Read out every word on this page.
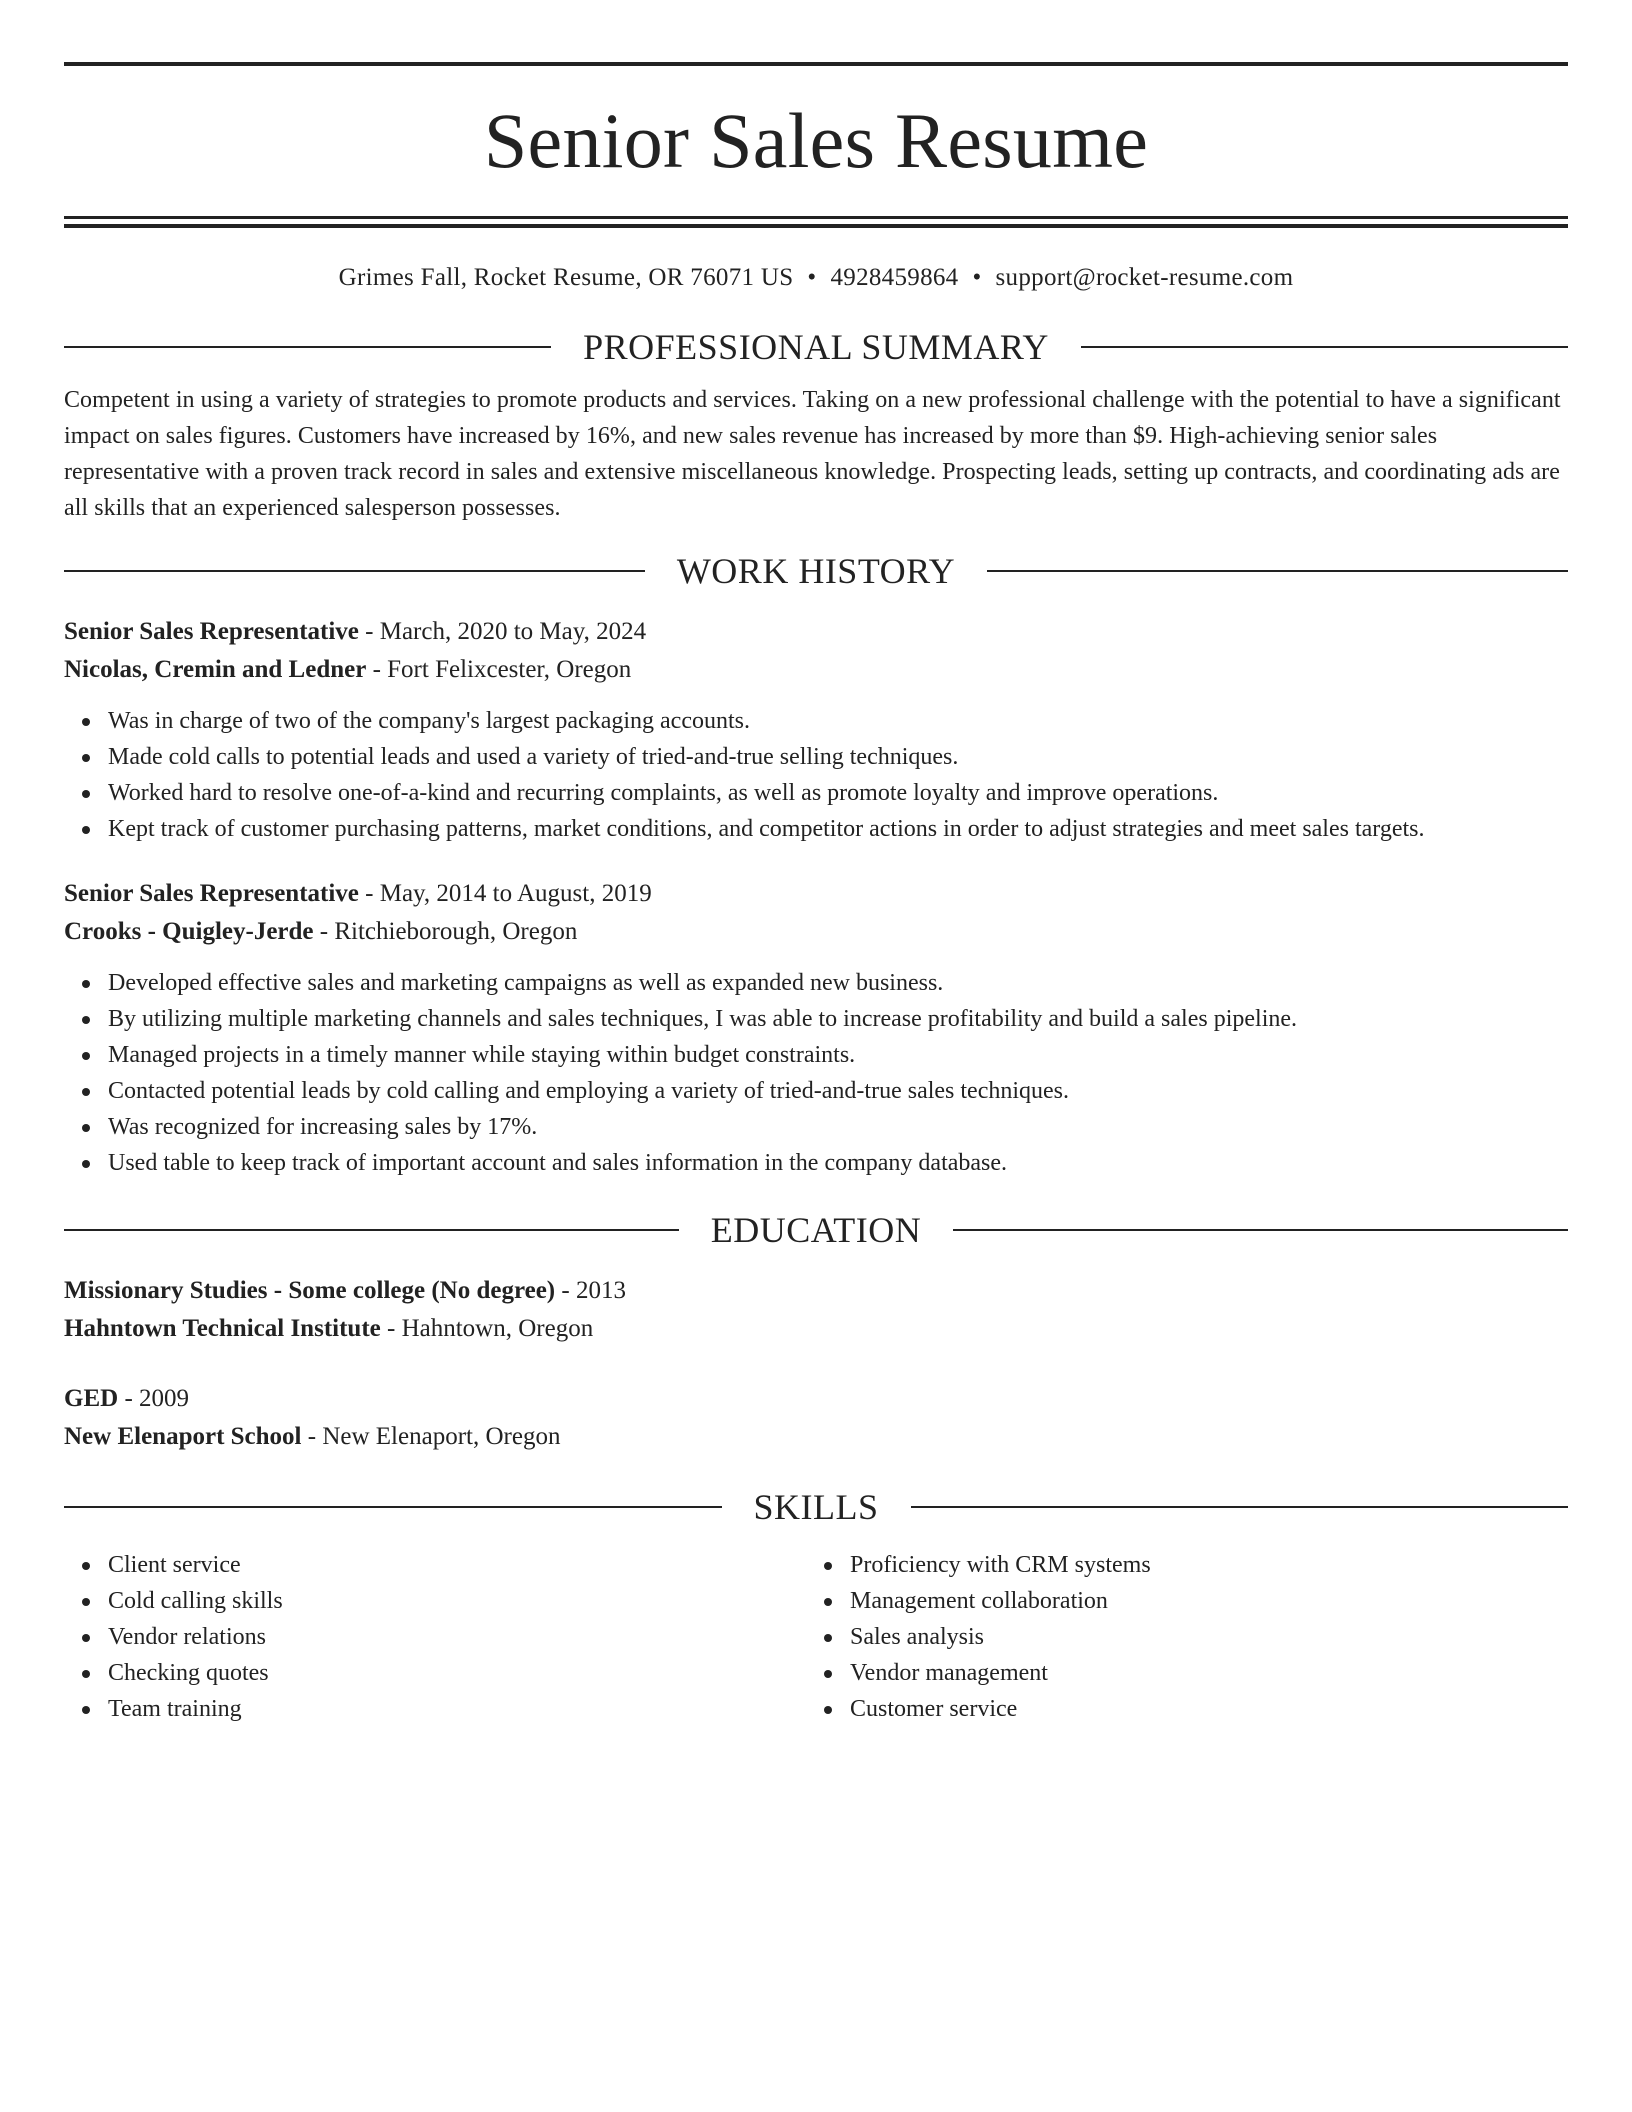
Senior Sales Resume
Grimes Fall, Rocket Resume, OR 76071 US • 4928459864 • support@rocket-resume.com
PROFESSIONAL SUMMARY
Competent in using a variety of strategies to promote products and services. Taking on a new professional challenge with the potential to have a significant impact on sales figures. Customers have increased by 16%, and new sales revenue has increased by more than $9. High-achieving senior sales representative with a proven track record in sales and extensive miscellaneous knowledge. Prospecting leads, setting up contracts, and coordinating ads are all skills that an experienced salesperson possesses.
WORK HISTORY
Senior Sales Representative - March, 2020 to May, 2024
Nicolas, Cremin and Ledner - Fort Felixcester, Oregon
Was in charge of two of the company's largest packaging accounts.
Made cold calls to potential leads and used a variety of tried-and-true selling techniques.
Worked hard to resolve one-of-a-kind and recurring complaints, as well as promote loyalty and improve operations.
Kept track of customer purchasing patterns, market conditions, and competitor actions in order to adjust strategies and meet sales targets.
Senior Sales Representative - May, 2014 to August, 2019
Crooks - Quigley-Jerde - Ritchieborough, Oregon
Developed effective sales and marketing campaigns as well as expanded new business.
By utilizing multiple marketing channels and sales techniques, I was able to increase profitability and build a sales pipeline.
Managed projects in a timely manner while staying within budget constraints.
Contacted potential leads by cold calling and employing a variety of tried-and-true sales techniques.
Was recognized for increasing sales by 17%.
Used table to keep track of important account and sales information in the company database.
EDUCATION
Missionary Studies - Some college (No degree) - 2013
Hahntown Technical Institute - Hahntown, Oregon
GED - 2009
New Elenaport School - New Elenaport, Oregon
SKILLS
Client service
Cold calling skills
Vendor relations
Checking quotes
Team training
Proficiency with CRM systems
Management collaboration
Sales analysis
Vendor management
Customer service
